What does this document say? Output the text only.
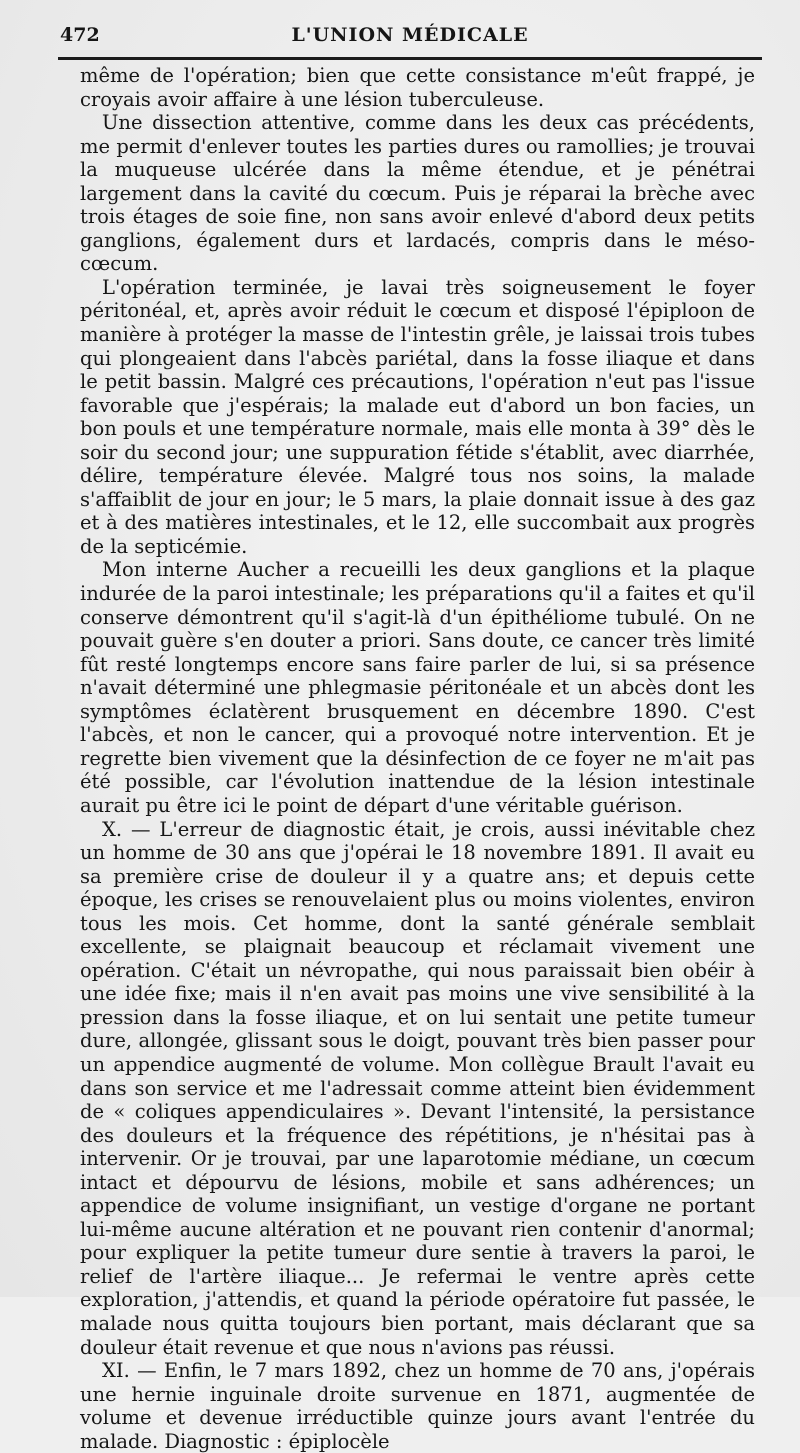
472	L'UNION MÉDICALE

même de l'opération; bien que cette consistance m'eût frappé, je croyais avoir affaire à une lésion tuberculeuse.

Une dissection attentive, comme dans les deux cas précédents, me permit d'enlever toutes les parties dures ou ramollies; je trouvai la muqueuse ulcérée dans la même étendue, et je pénétrai largement dans la cavité du cœcum. Puis je réparai la brèche avec trois étages de soie fine, non sans avoir enlevé d'abord deux petits ganglions, également durs et lardacés, compris dans le méso-cœcum.

L'opération terminée, je lavai très soigneusement le foyer péritonéal, et, après avoir réduit le cœcum et disposé l'épiploon de manière à protéger la masse de l'intestin grêle, je laissai trois tubes qui plongeaient dans l'abcès pariétal, dans la fosse iliaque et dans le petit bassin. Malgré ces précautions, l'opération n'eut pas l'issue favorable que j'espérais; la malade eut d'abord un bon facies, un bon pouls et une température normale, mais elle monta à 39° dès le soir du second jour; une suppuration fétide s'établit, avec diarrhée, délire, température élevée. Malgré tous nos soins, la malade s'affaiblit de jour en jour; le 5 mars, la plaie donnait issue à des gaz et à des matières intestinales, et le 12, elle succombait aux progrès de la septicémie.

Mon interne Aucher a recueilli les deux ganglions et la plaque indurée de la paroi intestinale; les préparations qu'il a faites et qu'il conserve démontrent qu'il s'agit-là d'un épithéliome tubulé. On ne pouvait guère s'en douter a priori. Sans doute, ce cancer très limité fût resté longtemps encore sans faire parler de lui, si sa présence n'avait déterminé une phlegmasie péritonéale et un abcès dont les symptômes éclatèrent brusquement en décembre 1890. C'est l'abcès, et non le cancer, qui a provoqué notre intervention. Et je regrette bien vivement que la désinfection de ce foyer ne m'ait pas été possible, car l'évolution inattendue de la lésion intestinale aurait pu être ici le point de départ d'une véritable guérison.

X. — L'erreur de diagnostic était, je crois, aussi inévitable chez un homme de 30 ans que j'opérai le 18 novembre 1891. Il avait eu sa première crise de douleur il y a quatre ans; et depuis cette époque, les crises se renouvelaient plus ou moins violentes, environ tous les mois. Cet homme, dont la santé générale semblait excellente, se plaignait beaucoup et réclamait vivement une opération. C'était un névropathe, qui nous paraissait bien obéir à une idée fixe; mais il n'en avait pas moins une vive sensibilité à la pression dans la fosse iliaque, et on lui sentait une petite tumeur dure, allongée, glissant sous le doigt, pouvant très bien passer pour un appendice augmenté de volume. Mon collègue Brault l'avait eu dans son service et me l'adressait comme atteint bien évidemment de « coliques appendiculaires ». Devant l'intensité, la persistance des douleurs et la fréquence des répétitions, je n'hésitai pas à intervenir. Or je trouvai, par une laparotomie médiane, un cœcum intact et dépourvu de lésions, mobile et sans adhérences; un appendice de volume insignifiant, un vestige d'organe ne portant lui-même aucune altération et ne pouvant rien contenir d'anormal; pour expliquer la petite tumeur dure sentie à travers la paroi, le relief de l'artère iliaque... Je refermai le ventre après cette exploration, j'attendis, et quand la période opératoire fut passée, le malade nous quitta toujours bien portant, mais déclarant que sa douleur était revenue et que nous n'avions pas réussi.

XI. — Enfin, le 7 mars 1892, chez un homme de 70 ans, j'opérais une hernie inguinale droite survenue en 1871, augmentée de volume et devenue irréductible quinze jours avant l'entrée du malade. Diagnostic : épiplocèle
